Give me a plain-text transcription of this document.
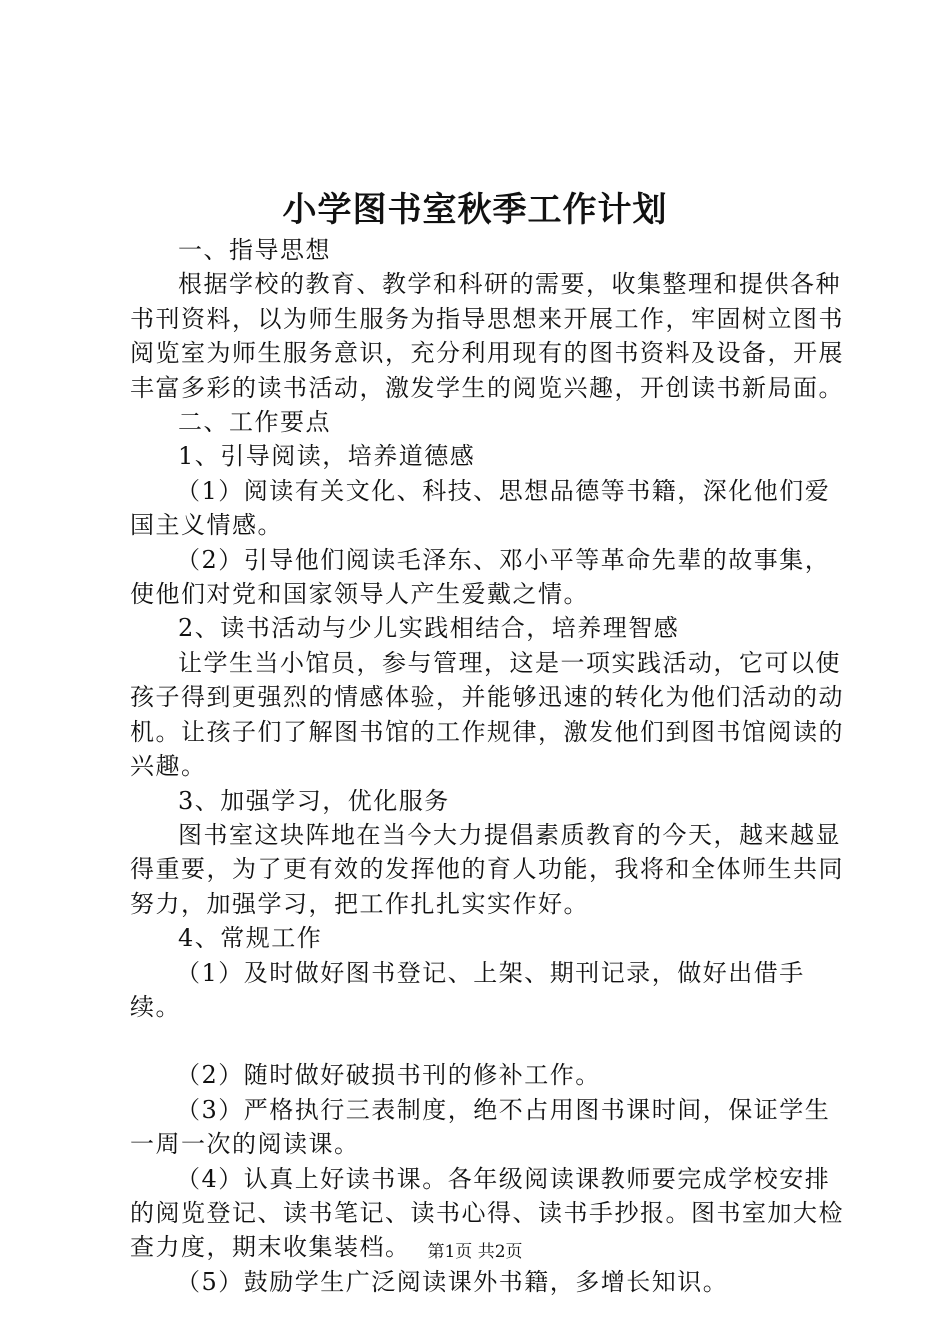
小学图书室秋季工作计划

一、指导思想

根据学校的教育、教学和科研的需要，收集整理和提供各种书刊资料，以为师生服务为指导思想来开展工作，牢固树立图书阅览室为师生服务意识，充分利用现有的图书资料及设备，开展丰富多彩的读书活动，激发学生的阅览兴趣，开创读书新局面。

二、工作要点

1、引导阅读，培养道德感

（1）阅读有关文化、科技、思想品德等书籍，深化他们爱国主义情感。

（2）引导他们阅读毛泽东、邓小平等革命先辈的故事集，使他们对党和国家领导人产生爱戴之情。

2、读书活动与少儿实践相结合，培养理智感

让学生当小馆员，参与管理，这是一项实践活动，它可以使孩子得到更强烈的情感体验，并能够迅速的转化为他们活动的动机。让孩子们了解图书馆的工作规律，激发他们到图书馆阅读的兴趣。

3、加强学习，优化服务

图书室这块阵地在当今大力提倡素质教育的今天，越来越显得重要，为了更有效的发挥他的育人功能，我将和全体师生共同努力，加强学习，把工作扎扎实实作好。

4、常规工作

（1）及时做好图书登记、上架、期刊记录，做好出借手续。

（2）随时做好破损书刊的修补工作。

（3）严格执行三表制度，绝不占用图书课时间，保证学生一周一次的阅读课。

（4）认真上好读书课。各年级阅读课教师要完成学校安排的阅览登记、读书笔记、读书心得、读书手抄报。图书室加大检查力度，期末收集装档。

（5）鼓励学生广泛阅读课外书籍，多增长知识。

第1页 共2页
